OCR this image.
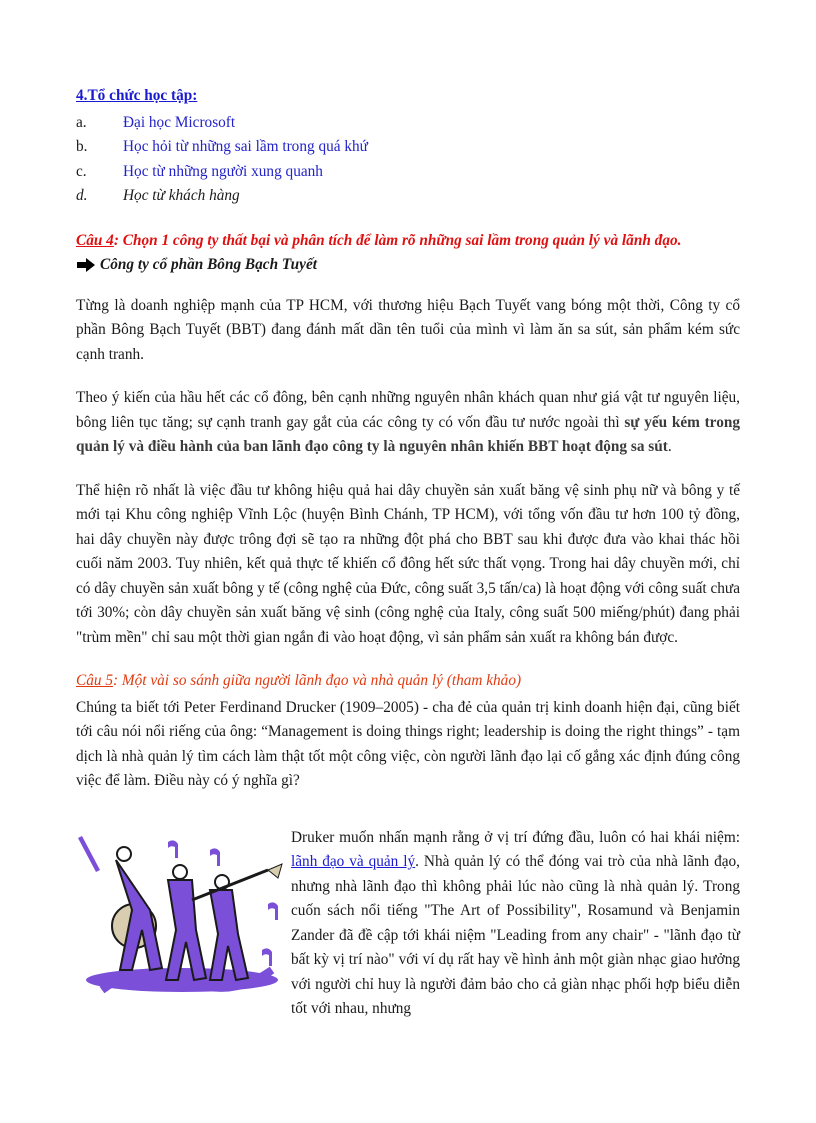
4.Tổ chức học tập:
a.	Đại học Microsoft
b.	Học hỏi từ những sai lầm trong quá khứ
c.	Học từ những người xung quanh
d.	Học từ khách hàng

Câu 4: Chọn 1 công ty thất bại và phân tích để làm rõ những sai lầm trong quản lý và lãnh đạo.

Công ty cổ phần Bông Bạch Tuyết

Từng là doanh nghiệp mạnh của TP HCM, với thương hiệu Bạch Tuyết vang bóng một thời, Công ty cổ phần Bông Bạch Tuyết (BBT) đang đánh mất dần tên tuổi của mình vì làm ăn sa sút, sản phẩm kém sức cạnh tranh.

Theo ý kiến của hầu hết các cổ đông, bên cạnh những nguyên nhân khách quan như giá vật tư nguyên liệu, bông liên tục tăng; sự cạnh tranh gay gắt của các công ty có vốn đầu tư nước ngoài thì sự yếu kém trong quản lý và điều hành của ban lãnh đạo công ty là nguyên nhân khiến BBT hoạt động sa sút.

Thể hiện rõ nhất là việc đầu tư không hiệu quả hai dây chuyền sản xuất băng vệ sinh phụ nữ và bông y tế mới tại Khu công nghiệp Vĩnh Lộc (huyện Bình Chánh, TP HCM), với tổng vốn đầu tư hơn 100 tỷ đồng, hai dây chuyền này được trông đợi sẽ tạo ra những đột phá cho BBT sau khi được đưa vào khai thác hồi cuối năm 2003. Tuy nhiên, kết quả thực tế khiến cổ đông hết sức thất vọng. Trong hai dây chuyền mới, chỉ có dây chuyền sản xuất bông y tế (công nghệ của Đức, công suất 3,5 tấn/ca) là hoạt động với công suất chưa tới 30%; còn dây chuyền sản xuất băng vệ sinh (công nghệ của Italy, công suất 500 miếng/phút) đang phải "trùm mền" chỉ sau một thời gian ngắn đi vào hoạt động, vì sản phẩm sản xuất ra không bán được.

Câu 5: Một vài so sánh giữa người lãnh đạo và nhà quản lý (tham khảo)

Chúng ta biết tới Peter Ferdinand Drucker (1909–2005) - cha đẻ của quản trị kinh doanh hiện đại, cũng biết tới câu nói nổi riếng của ông: “Management is doing things right; leadership is doing the right things” - tạm dịch là nhà quản lý tìm cách làm thật tốt một công việc, còn người lãnh đạo lại cố gắng xác định đúng công việc để làm. Điều này có ý nghĩa gì?

Druker muốn nhấn mạnh rằng ở vị trí đứng đầu, luôn có hai khái niệm: lãnh đạo và quản lý. Nhà quản lý có thể đóng vai trò của nhà lãnh đạo, nhưng nhà lãnh đạo thì không phải lúc nào cũng là nhà quản lý. Trong cuốn sách nổi tiếng "The Art of Possibility", Rosamund và Benjamin Zander đã đề cập tới khái niệm "Leading from any chair" - "lãnh đạo từ bất kỳ vị trí nào" với ví dụ rất hay về hình ảnh một giàn nhạc giao hưởng với người chỉ huy là người đảm bảo cho cả giàn nhạc phối hợp biểu diễn tốt với nhau, nhưng
